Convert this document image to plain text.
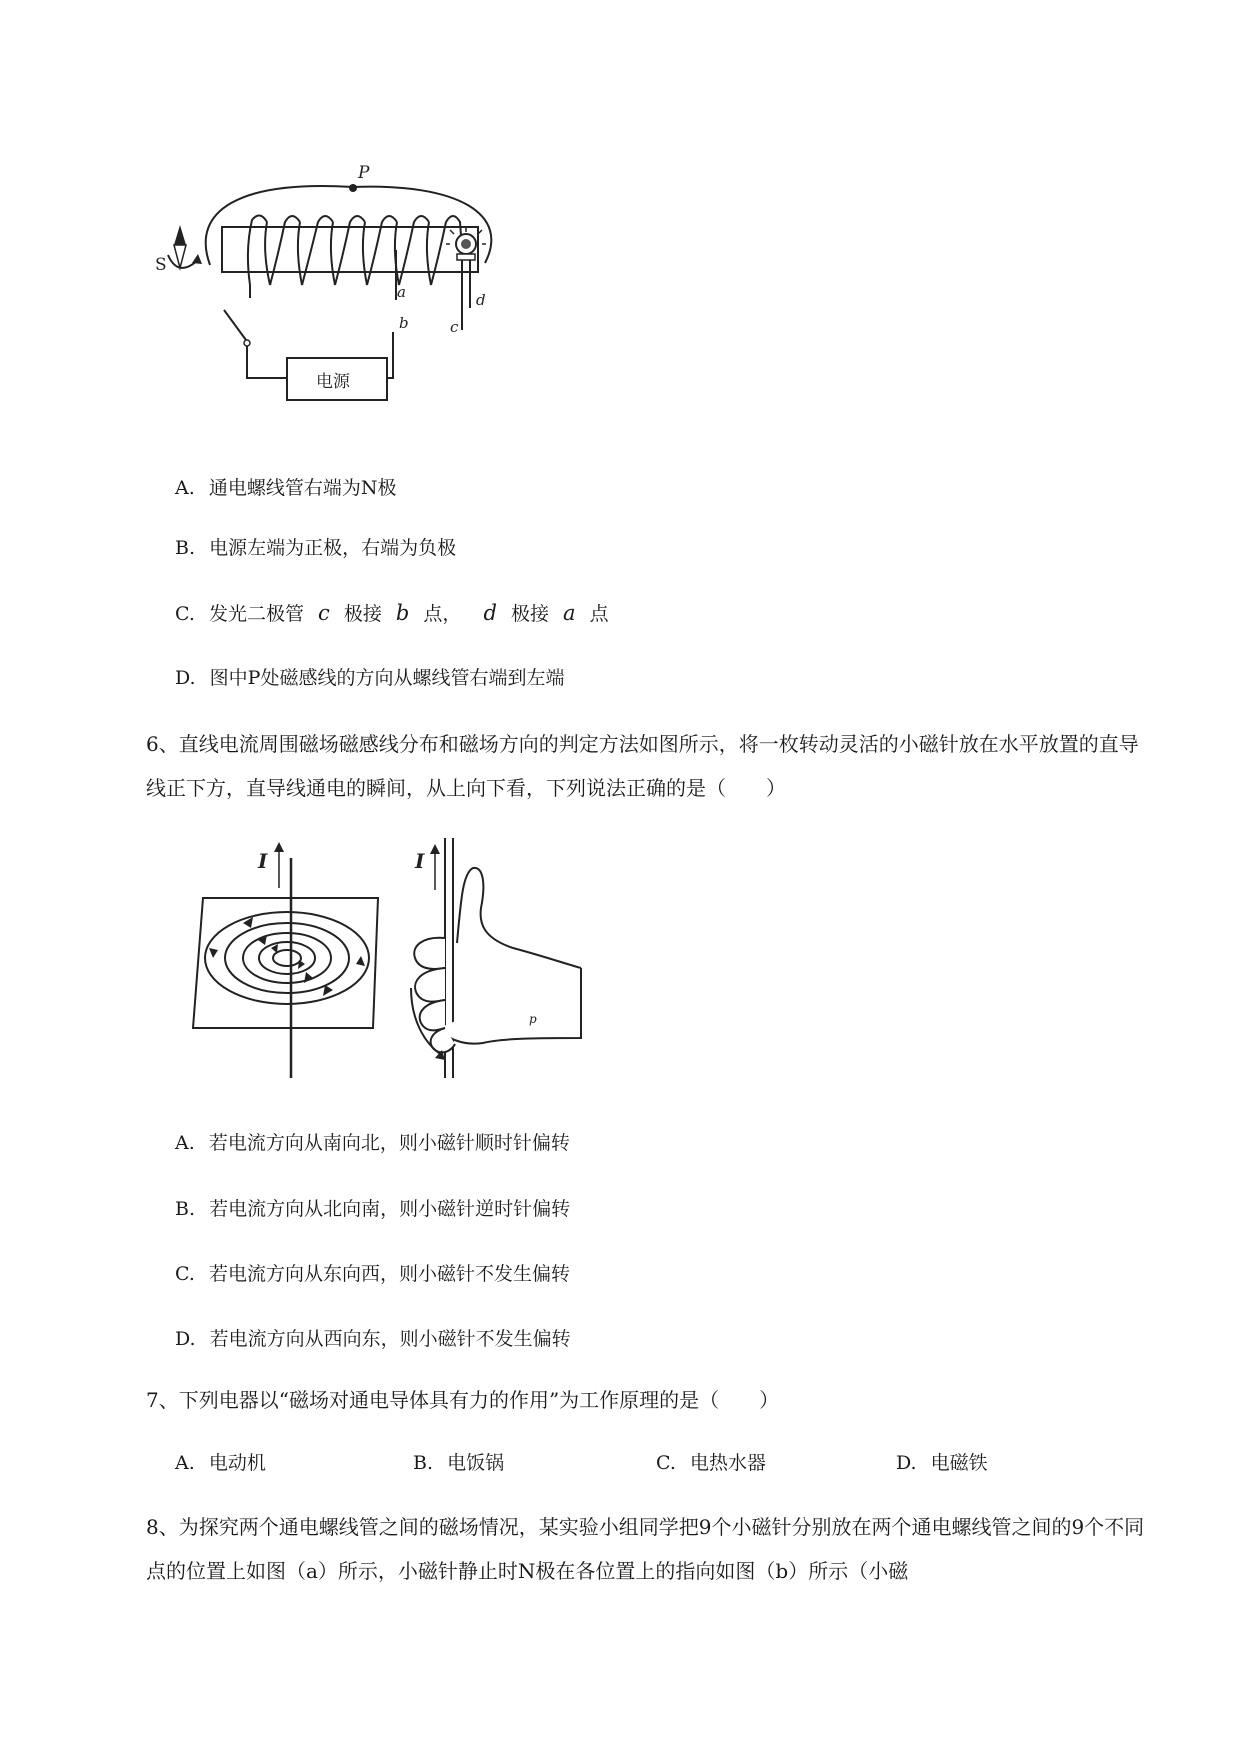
P
电源
a
b
S
d
c
A. 通电螺线管右端为N极
B. 电源左端为正极，右端为负极
C. 发光二极管 c 极接 b 点， d 极接 a 点
D. 图中P处磁感线的方向从螺线管右端到左端
6、直线电流周围磁场磁感线分布和磁场方向的判定方法如图所示，将一枚转动灵活的小磁针放在水平放置的直导线正下方，直导线通电的瞬间，从上向下看，下列说法正确的是（　　）
I	I
p
A. 若电流方向从南向北，则小磁针顺时针偏转
B. 若电流方向从北向南，则小磁针逆时针偏转
C. 若电流方向从东向西，则小磁针不发生偏转
D. 若电流方向从西向东，则小磁针不发生偏转
7、下列电器以“磁场对通电导体具有力的作用”为工作原理的是（　　）
A. 电动机	B. 电饭锅	C. 电热水器	D. 电磁铁
8、为探究两个通电螺线管之间的磁场情况，某实验小组同学把9个小磁针分别放在两个通电螺线管之间的9个不同点的位置上如图（a）所示，小磁针静止时N极在各位置上的指向如图（b）所示（小磁
